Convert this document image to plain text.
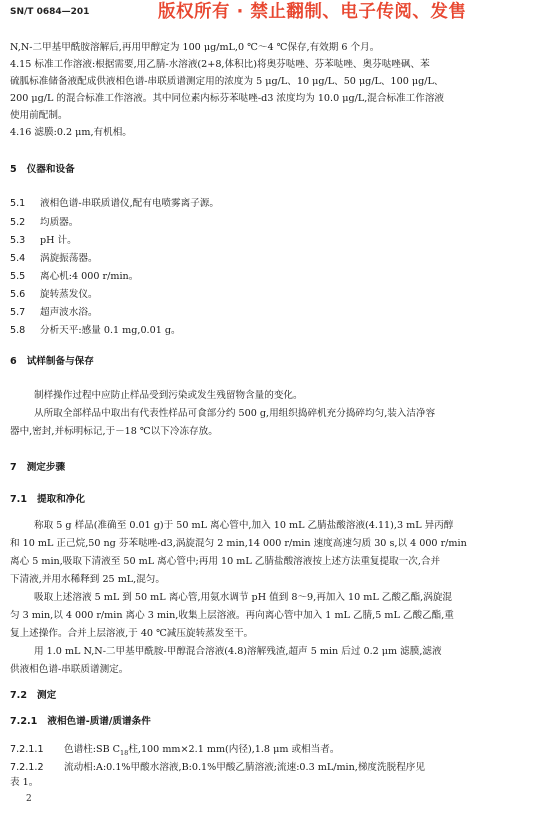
SN/T 0684—201	版权所有 · 禁止翻制、电子传阅、发售
N,N-二甲基甲酰胺溶解后,再用甲醇定为 100 μg/mL,0 ℃～4 ℃保存,有效期 6 个月。
4.15 标准工作溶液:根据需要,用乙腈-水溶液(2+8,体积比)将奥芬哒唑、芬苯哒唑、奥芬哒唑砜、苯
硫胍标准储备液配成供液相色谱-串联质谱测定用的浓度为 5 μg/L、10 μg/L、50 μg/L、100 μg/L、
200 μg/L 的混合标准工作溶液。其中同位素内标芬苯哒唑-d3 浓度均为 10.0 μg/L,混合标准工作溶液
使用前配制。
4.16 滤膜:0.2 μm,有机相。
5 仪器和设备
5.1 液相色谱-串联质谱仪,配有电喷雾离子源。
5.2 均质器。
5.3 pH 计。
5.4 涡旋振荡器。
5.5 离心机:4 000 r/min。
5.6 旋转蒸发仪。
5.7 超声波水浴。
5.8 分析天平:感量 0.1 mg,0.01 g。
6 试样制备与保存
制样操作过程中应防止样品受到污染或发生残留物含量的变化。
从所取全部样品中取出有代表性样品可食部分约 500 g,用组织捣碎机充分捣碎均匀,装入洁净容
器中,密封,并标明标记,于－18 ℃以下冷冻存放。
7 测定步骤
7.1 提取和净化
称取 5 g 样品(准确至 0.01 g)于 50 mL 离心管中,加入 10 mL 乙腈盐酸溶液(4.11),3 mL 异丙醇
和 10 mL 正己烷,50 ng 芬苯哒唑-d3,涡旋混匀 2 min,14 000 r/min 速度高速匀质 30 s,以 4 000 r/min
离心 5 min,吸取下清液至 50 mL 离心管中;再用 10 mL 乙腈盐酸溶液按上述方法重复提取一次,合并
下清液,并用水稀释到 25 mL,混匀。
吸取上述溶液 5 mL 到 50 mL 离心管,用氨水调节 pH 值到 8～9,再加入 10 mL 乙酸乙酯,涡旋混
匀 3 min,以 4 000 r/min 离心 3 min,收集上层溶液。再向离心管中加入 1 mL 乙腈,5 mL 乙酸乙酯,重
复上述操作。合并上层溶液,于 40 ℃减压旋转蒸发至干。
用 1.0 mL N,N-二甲基甲酰胺-甲醇混合溶液(4.8)溶解残渣,超声 5 min 后过 0.2 μm 滤膜,滤液
供液相色谱-串联质谱测定。
7.2 测定
7.2.1 液相色谱-质谱/质谱条件
7.2.1.1 色谱柱:SB $C_{18}$柱,100 mm×2.1 mm(内径),1.8 μm 或相当者。
7.2.1.2 流动相:A:0.1%甲酸水溶液,B:0.1%甲酸乙腈溶液;流速:0.3 mL/min,梯度洗脱程序见
表 1。
2
